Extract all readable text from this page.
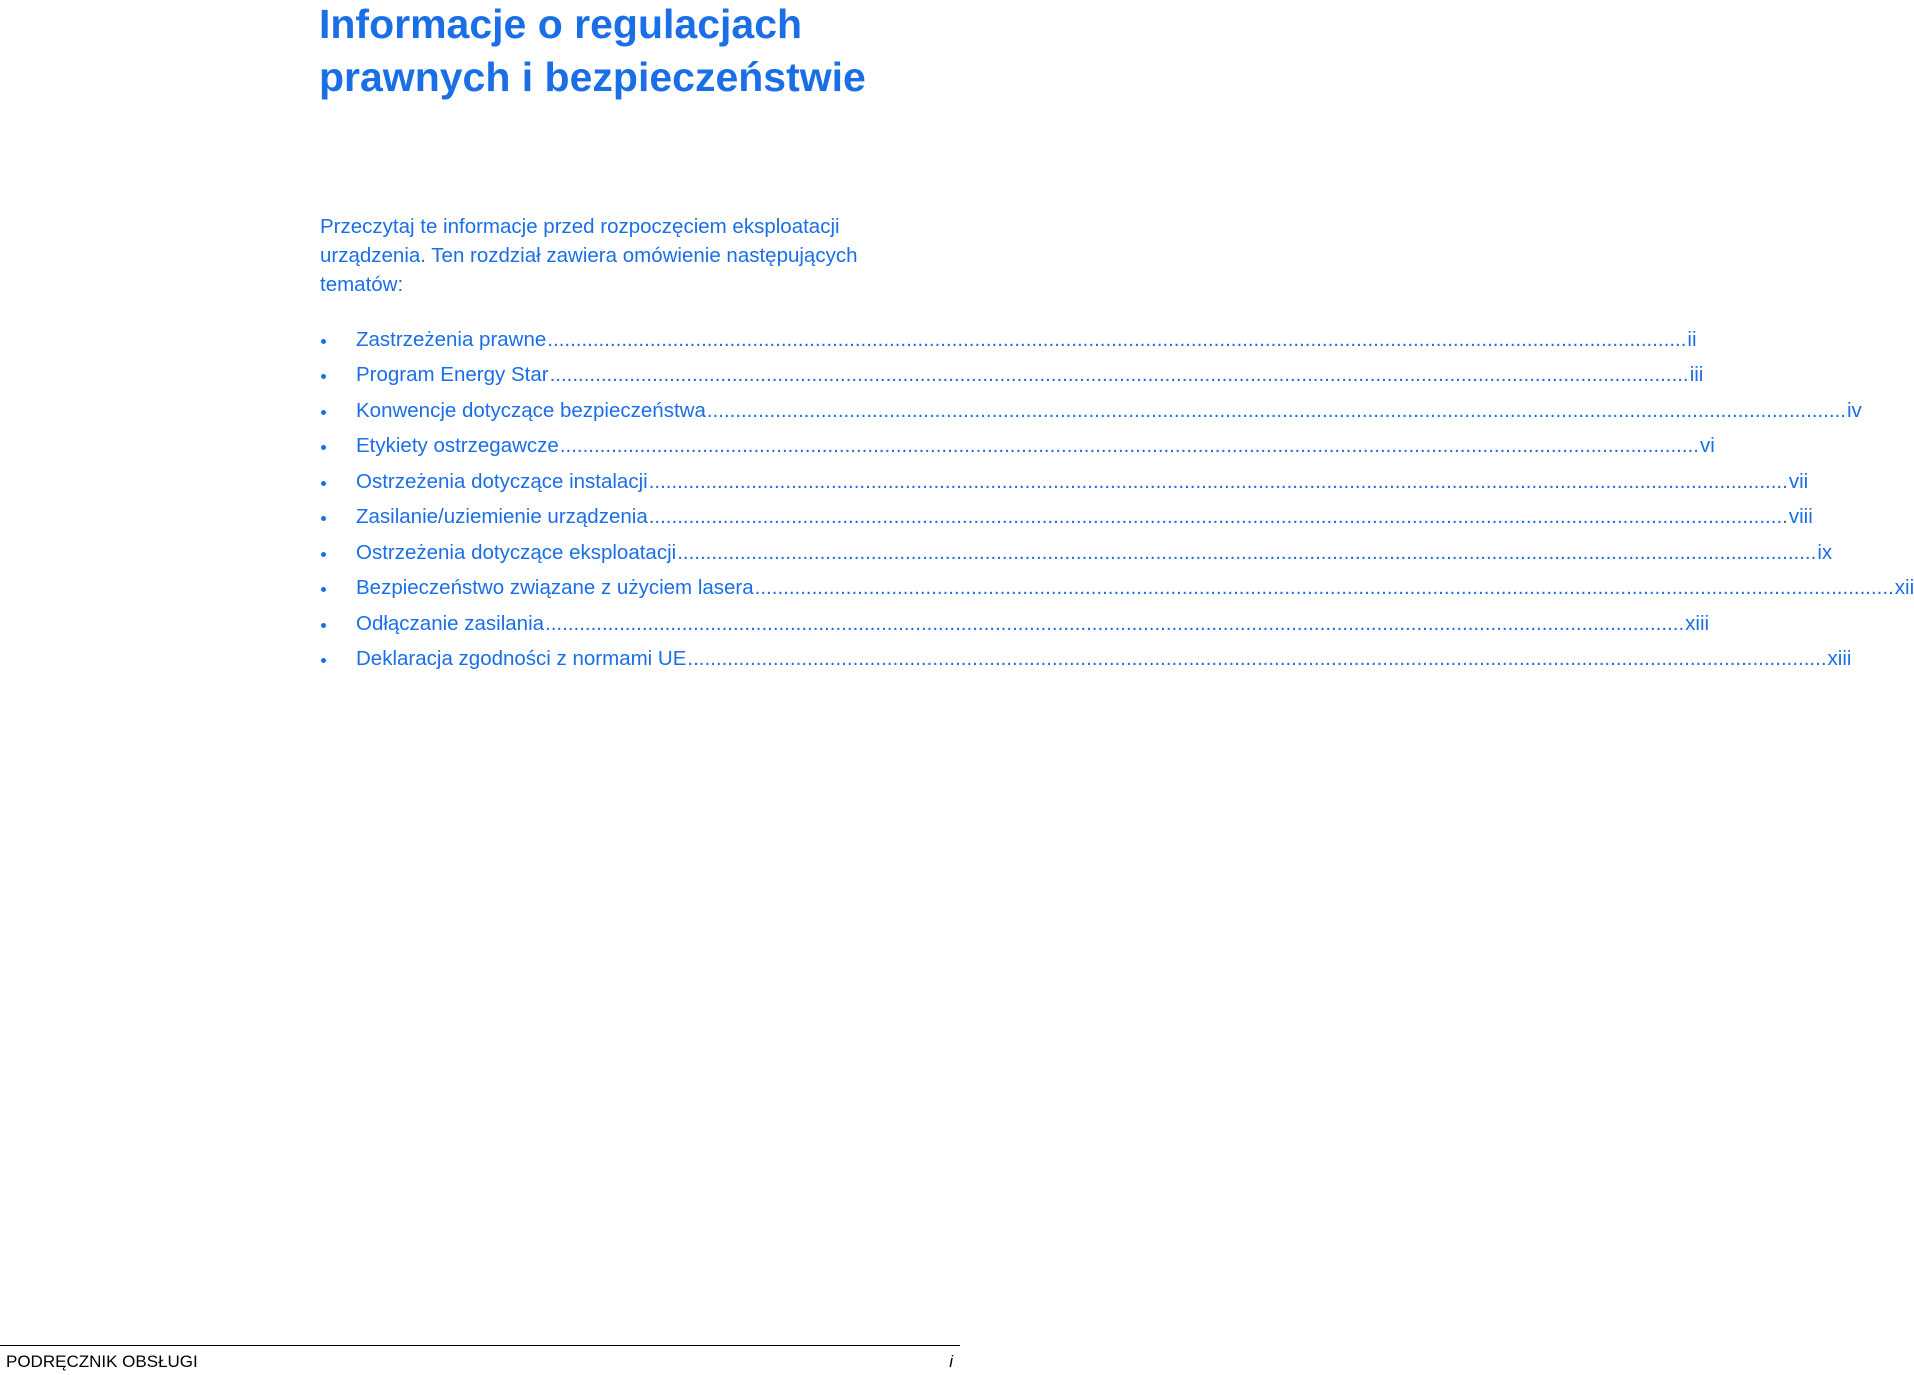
Informacje o regulacjach
prawnych i bezpieczeństwie

Przeczytaj te informacje przed rozpoczęciem eksploatacji
urządzenia. Ten rozdział zawiera omówienie następujących
tematów:

Zastrzeżenia prawne ........................................................................................................................................................................................................ ii
Program Energy Star ........................................................................................................................................................................................................ iii
Konwencje dotyczące bezpieczeństwa ........................................................................................................................................................................................................ iv
Etykiety ostrzegawcze ........................................................................................................................................................................................................ vi
Ostrzeżenia dotyczące instalacji ........................................................................................................................................................................................................ vii
Zasilanie/uziemienie urządzenia ........................................................................................................................................................................................................ viii
Ostrzeżenia dotyczące eksploatacji ........................................................................................................................................................................................................ ix
Bezpieczeństwo związane z użyciem lasera ........................................................................................................................................................................................................ xii
Odłączanie zasilania ........................................................................................................................................................................................................ xiii
Deklaracja zgodności z normami UE ........................................................................................................................................................................................................ xiii
PODRĘCZNIK OBSŁUGI	i
